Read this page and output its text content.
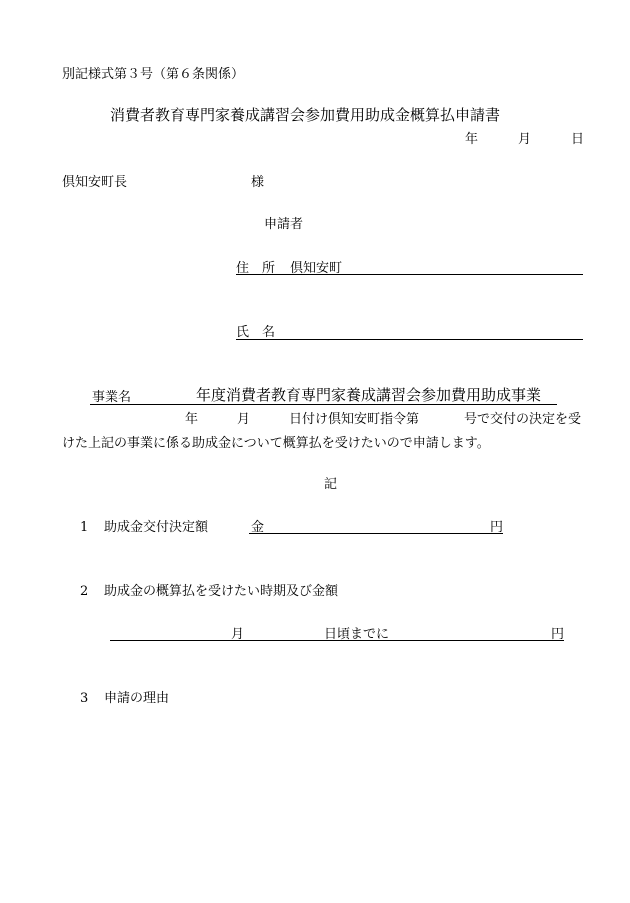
別記様式第３号（第６条関係）
消費者教育専門家養成講習会参加費用助成金概算払申請書
年	月	日
倶知安町長	様
申請者
住　所 倶知安町
氏　名
事業名	年度消費者教育専門家養成講習会参加費用助成事業
年	月	日付け倶知安町指令第	号で交付の決定を受
けた上記の事業に係る助成金について概算払を受けたいので申請します。
記
1 助成金交付決定額	金	円
2 助成金の概算払を受けたい時期及び金額
月	日頃までに	円
3 申請の理由
